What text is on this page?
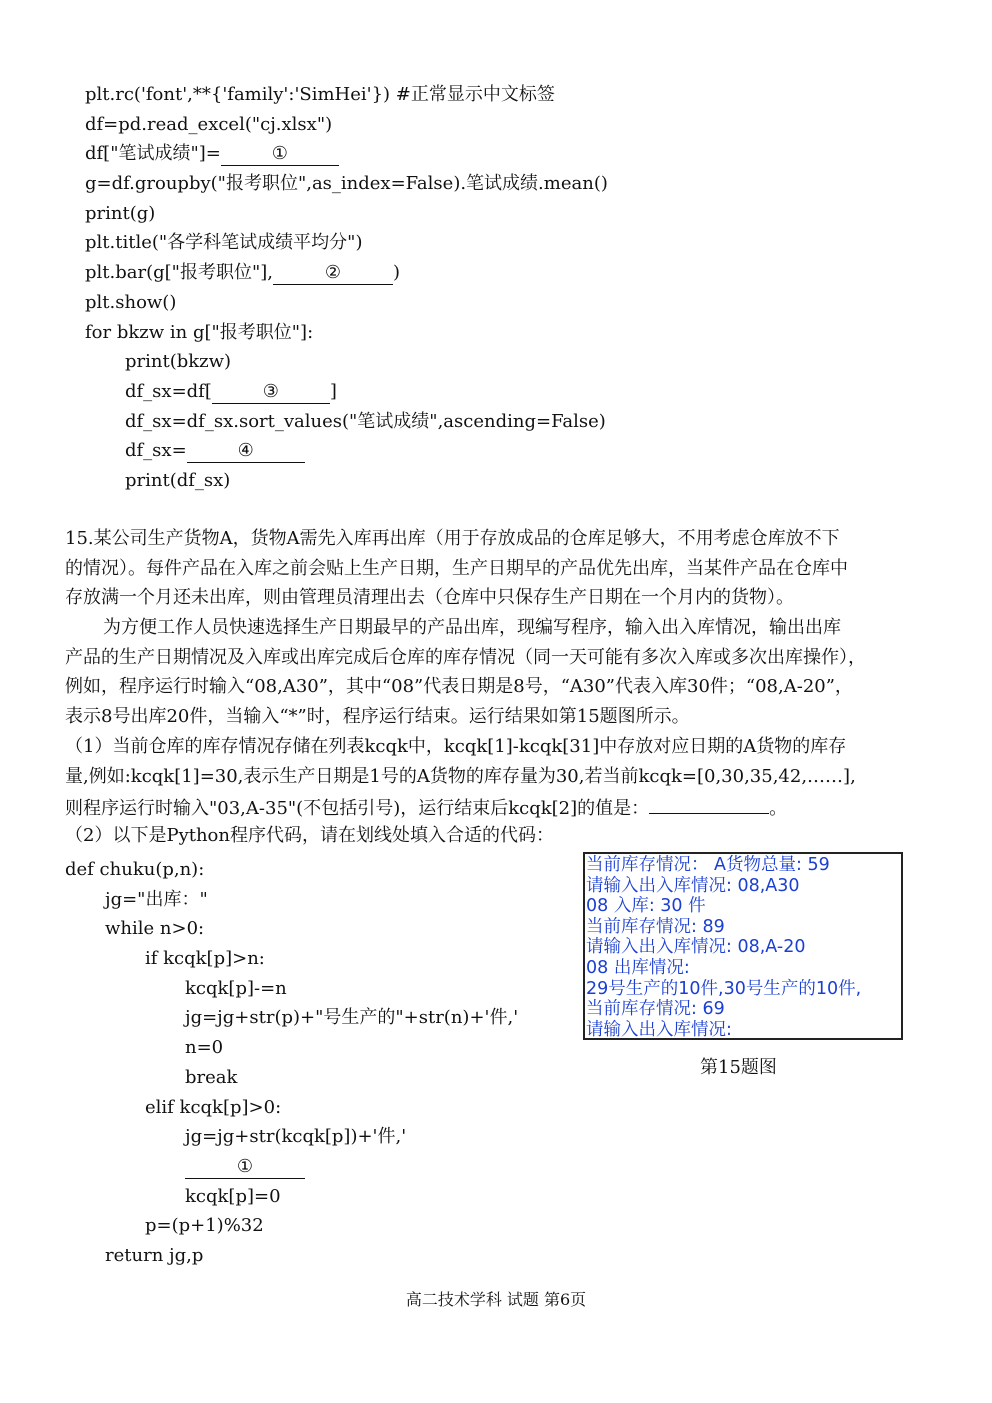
plt.rc('font',**{'family':'SimHei'}) #正常显示中文标签
df=pd.read_excel("cj.xlsx")
df["笔试成绩"]=	①
g=df.groupby("报考职位",as_index=False).笔试成绩.mean()
print(g)
plt.title("各学科笔试成绩平均分")
plt.bar(g["报考职位"],	②	)
plt.show()
for bkzw in g["报考职位"]:
print(bkzw)
df_sx=df[	③	]
df_sx=df_sx.sort_values("笔试成绩",ascending=False)
df_sx=	④
print(df_sx)
15.某公司生产货物A，货物A需先入库再出库（用于存放成品的仓库足够大，不用考虑仓库放不下
的情况）。每件产品在入库之前会贴上生产日期，生产日期早的产品优先出库，当某件产品在仓库中
存放满一个月还未出库，则由管理员清理出去（仓库中只保存生产日期在一个月内的货物）。
为方便工作人员快速选择生产日期最早的产品出库，现编写程序，输入出入库情况，输出出库
产品的生产日期情况及入库或出库完成后仓库的库存情况（同一天可能有多次入库或多次出库操作），
例如，程序运行时输入“08,A30”，其中“08”代表日期是8号，“A30”代表入库30件；“08,A-20”，
表示8号出库20件，当输入“*”时，程序运行结束。运行结果如第15题图所示。
（1）当前仓库的库存情况存储在列表kcqk中，kcqk[1]-kcqk[31]中存放对应日期的A货物的库存
量,例如:kcqk[1]=30,表示生产日期是1号的A货物的库存量为30,若当前kcqk=[0,30,35,42,……],
则程序运行时输入"03,A-35"(不包括引号)，运行结束后kcqk[2]的值是：	。
（2）以下是Python程序代码，请在划线处填入合适的代码：
def chuku(p,n):
jg="出库："
while n>0:
if kcqk[p]>n:
kcqk[p]-=n
jg=jg+str(p)+"号生产的"+str(n)+'件,'
n=0
break
elif kcqk[p]>0:
jg=jg+str(kcqk[p])+'件,'
①
kcqk[p]=0
p=(p+1)%32
return jg,p
当前库存情况： A货物总量: 59
请输入出入库情况: 08,A30
08 入库: 30 件
当前库存情况: 89
请输入出入库情况: 08,A-20
08 出库情况:
29号生产的10件,30号生产的10件,
当前库存情况: 69
请输入出入库情况:
第15题图
高二技术学科 试题 第6页
